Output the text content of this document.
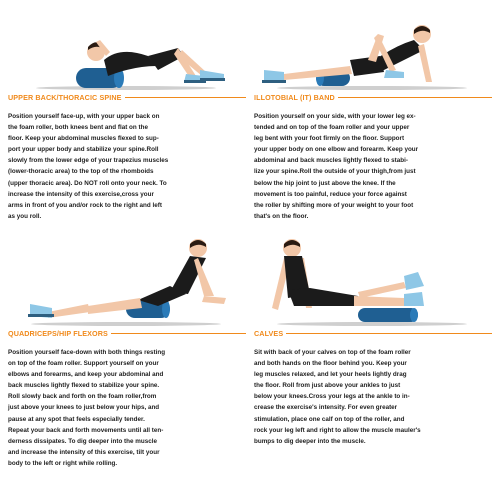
UPPER BACK/THORACIC SPINE

Position yourself face-up, with your upper back on
the foam roller, both knees bent and flat on the
floor. Keep your abdominal muscles flexed to sup-
port your upper body and stabilize your spine.Roll
slowly from the lower edge of your trapezius muscles
(lower-thoracic area) to the top of the rhomboids
(upper thoracic area). Do NOT roll onto your neck. To
increase the intensity of this exercise,cross your
arms in front of you and/or rock to the right and left
as you roll.

ILLOTOBIAL (IT) BAND

Position yourself on your side, with your lower leg ex-
tended and on top of the foam roller and your upper
leg bent with your foot firmly on the floor. Support
your upper body on one elbow and forearm. Keep your
abdominal and back muscles lightly flexed to stabi-
lize your spine.Roll the outside of your thigh,from just
below the hip joint to just above the knee. If the
movement is too painful, reduce your force against
the roller by shifting more of your weight to your foot
that's on the floor.

QUADRICEPS/HIP FLEXORS

Position yourself face-down with both things resting
on top of the foam roller. Support yourself on your
elbows and forearms, and keep your abdominal and
back muscles lightly flexed to stabilize your spine.
Roll slowly back and forth on the foam roller,from
just above your knees to just below your hips, and
pause at any spot that feels especially tender.
Repeat your back and forth movements until all ten-
derness dissipates. To dig deeper into the muscle
and increase the intensity of this exercise, tilt your
body to the left or right while rolling.

CALVES

Sit with back of your calves on top of the foam roller
and both hands on the floor behind you. Keep your
leg muscles relaxed, and let your heels lightly drag
the floor. Roll from just above your ankles to just
below your knees.Cross your legs at the ankle to in-
crease the exercise's intensity. For even greater
stimulation, place one calf on top of the roller, and
rock your leg left and right to allow the muscle mauler's
bumps to dig deeper into the muscle.
